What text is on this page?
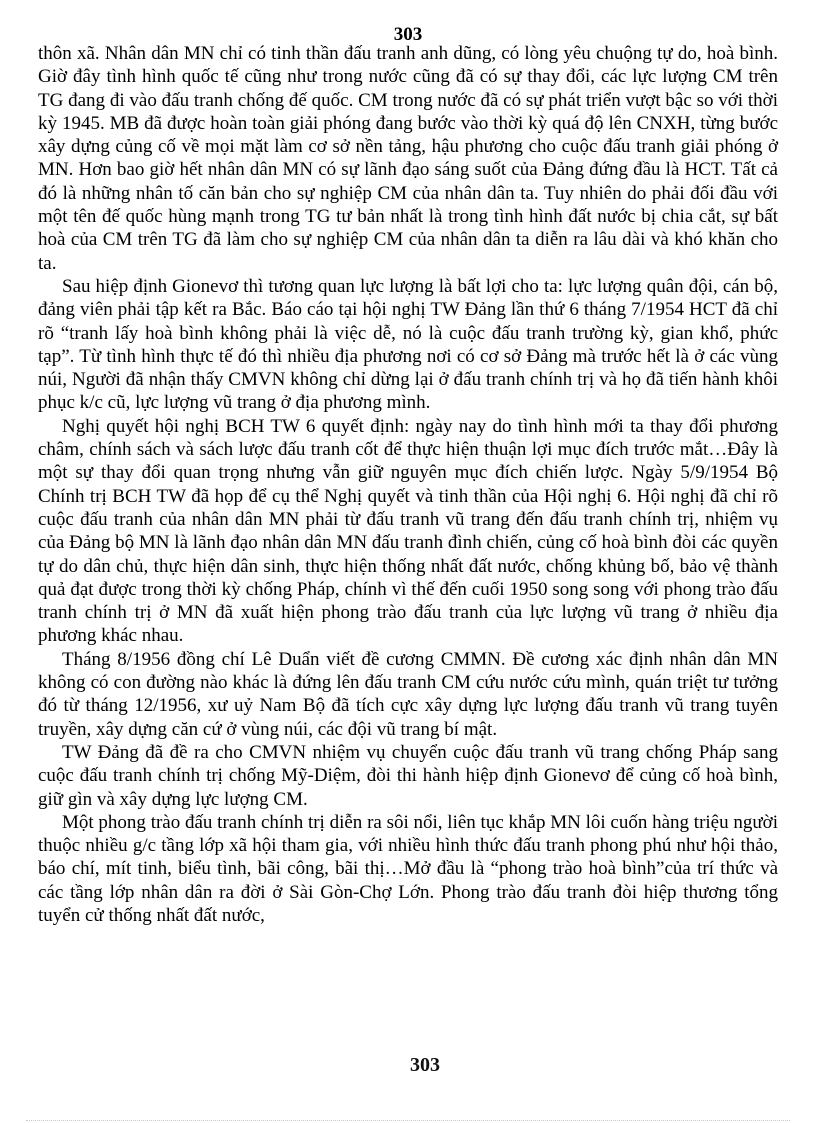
303

thôn xã. Nhân dân MN chỉ có tinh thần đấu tranh anh dũng, có lòng yêu chuộng tự do, hoà bình. Giờ đây tình hình quốc tế cũng như trong nước cũng đã có sự thay đổi, các lực lượng CM trên TG đang đi vào đấu tranh chống đế quốc. CM trong nước đã có sự phát triển vượt bậc so với thời kỳ 1945. MB đã được hoàn toàn giải phóng đang bước vào thời kỳ quá độ lên CNXH, từng bước xây dựng củng cố về mọi mặt làm cơ sở nền tảng, hậu phương cho cuộc đấu tranh giải phóng ở MN. Hơn bao giờ hết nhân dân MN có sự lãnh đạo sáng suốt của Đảng đứng đầu là HCT. Tất cả đó là những nhân tố căn bản cho sự nghiệp CM của nhân dân ta. Tuy nhiên do phải đối đầu với một tên đế quốc hùng mạnh trong TG tư bản nhất là trong tình hình đất nước bị chia cắt, sự bất hoà của CM trên TG đã làm cho sự nghiệp CM của nhân dân ta diễn ra lâu dài và khó khăn cho ta.

Sau hiệp định Gionevơ thì tương quan lực lượng là bất lợi cho ta: lực lượng quân đội, cán bộ, đảng viên phải tập kết ra Bắc. Báo cáo tại hội nghị TW Đảng lần thứ 6 tháng 7/1954 HCT đã chỉ rõ “tranh lấy hoà bình không phải là việc dễ, nó là cuộc đấu tranh trường kỳ, gian khổ, phức tạp”. Từ tình hình thực tế đó thì nhiều địa phương nơi có cơ sở Đảng mà trước hết là ở các vùng núi, Người đã nhận thấy CMVN không chỉ dừng lại ở đấu tranh chính trị và họ đã tiến hành khôi phục k/c cũ, lực lượng vũ trang ở địa phương mình.

Nghị quyết hội nghị BCH TW 6 quyết định: ngày nay do tình hình mới ta thay đổi phương châm, chính sách và sách lược đấu tranh cốt để thực hiện thuận lợi mục đích trước mắt…Đây là một sự thay đổi quan trọng nhưng vẫn giữ nguyên mục đích chiến lược. Ngày 5/9/1954 Bộ Chính trị BCH TW đã họp để cụ thể Nghị quyết và tinh thần của Hội nghị 6. Hội nghị đã chỉ rõ cuộc đấu tranh của nhân dân MN phải từ đấu tranh vũ trang đến đấu tranh chính trị, nhiệm vụ của Đảng bộ MN là lãnh đạo nhân dân MN đấu tranh đình chiến, củng cố hoà bình đòi các quyền tự do dân chủ, thực hiện dân sinh, thực hiện thống nhất đất nước, chống khủng bố, bảo vệ thành quả đạt được trong thời kỳ chống Pháp, chính vì thế đến cuối 1950 song song với phong trào đấu tranh chính trị ở MN đã xuất hiện phong trào đấu tranh của lực lượng vũ trang ở nhiều địa phương khác nhau.

Tháng 8/1956 đồng chí Lê Duẩn viết đề cương CMMN. Đề cương xác định nhân dân MN không có con đường nào khác là đứng lên đấu tranh CM cứu nước cứu mình, quán triệt tư tưởng đó từ tháng 12/1956, xư uỷ Nam Bộ đã tích cực xây dựng lực lượng đấu tranh vũ trang tuyên truyền, xây dựng căn cứ ở vùng núi, các đội vũ trang bí mật.

TW Đảng đã đề ra cho CMVN nhiệm vụ chuyển cuộc đấu tranh vũ trang chống Pháp sang cuộc đấu tranh chính trị chống Mỹ-Diệm, đòi thi hành hiệp định Gionevơ để củng cố hoà bình, giữ gìn và xây dựng lực lượng CM.

Một phong trào đấu tranh chính trị diễn ra sôi nổi, liên tục khắp MN lôi cuốn hàng triệu người thuộc nhiều g/c tầng lớp xã hội tham gia, với nhiều hình thức đấu tranh phong phú như hội thảo, báo chí, mít tinh, biểu tình, bãi công, bãi thị…Mở đầu là “phong trào hoà bình”của trí thức và các tầng lớp nhân dân ra đời ở Sài Gòn-Chợ Lớn. Phong trào đấu tranh đòi hiệp thương tổng tuyển cử thống nhất đất nước,

303
